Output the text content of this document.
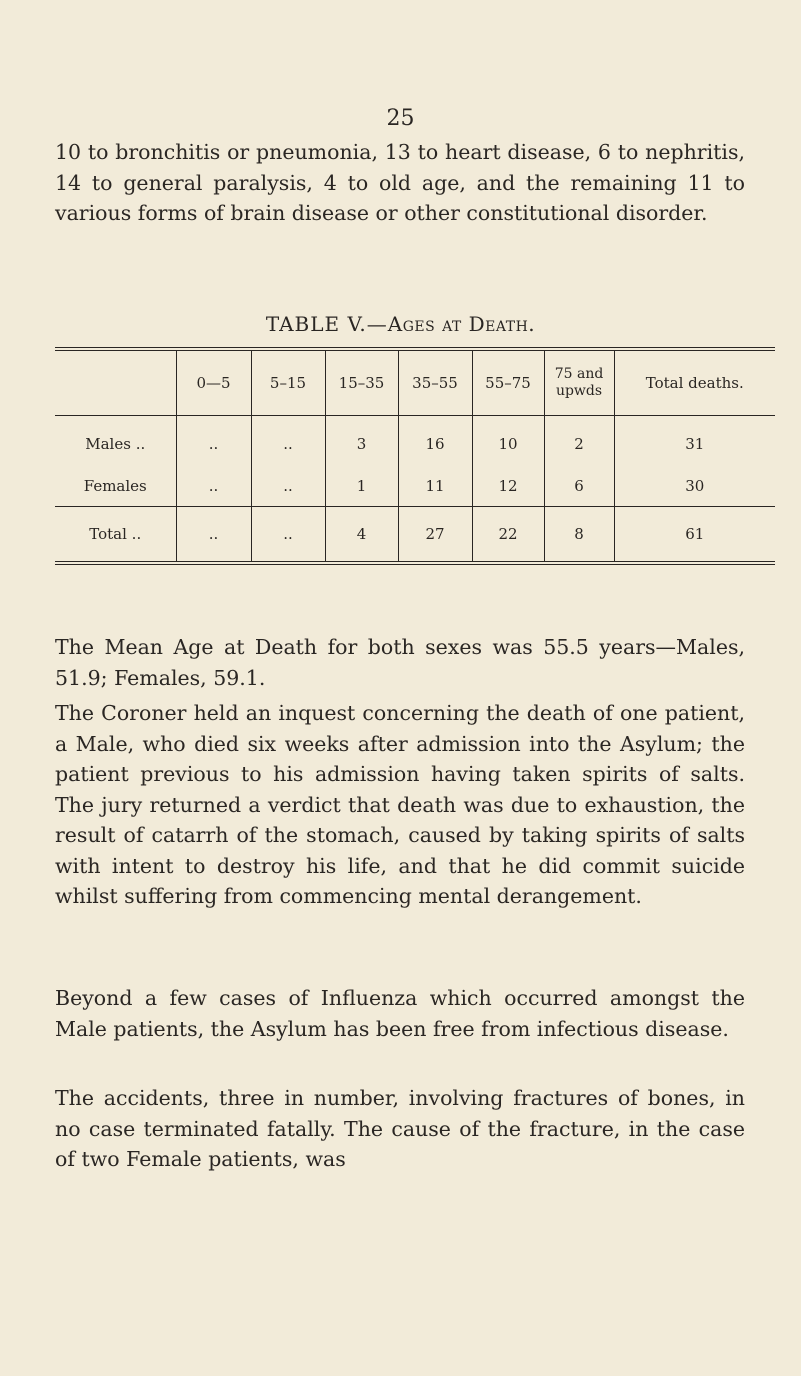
25

10 to bronchitis or pneumonia, 13 to heart disease, 6 to nephritis, 14 to general paralysis, 4 to old age, and the remaining 11 to various forms of brain disease or other constitutional disorder.

TABLE V.—Ages at Death.
	0—5	5–15	15–35	35–55	55–75	75 and upwds	Total deaths.
Males ..	..	..	3	16	10	2	31
Females	..	..	1	11	12	6	30
Total ..	..	..	4	27	22	8	61

The Mean Age at Death for both sexes was 55.5 years—Males, 51.9; Females, 59.1.

The Coroner held an inquest concerning the death of one patient, a Male, who died six weeks after admission into the Asylum; the patient previous to his admission having taken spirits of salts. The jury returned a verdict that death was due to exhaustion, the result of catarrh of the stomach, caused by taking spirits of salts with intent to destroy his life, and that he did commit suicide whilst suffering from commencing mental derangement.

Beyond a few cases of Influenza which occurred amongst the Male patients, the Asylum has been free from infectious disease.

The accidents, three in number, involving fractures of bones, in no case terminated fatally. The cause of the fracture, in the case of two Female patients, was
